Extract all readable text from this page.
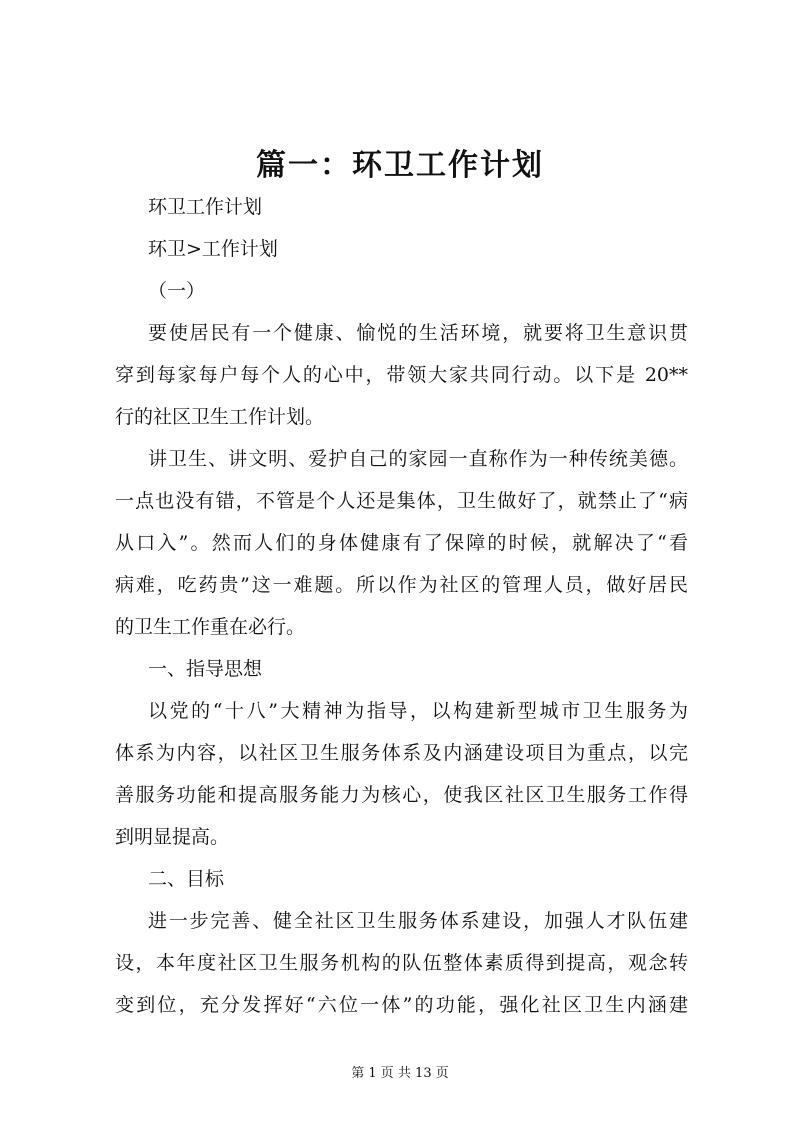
篇一：环卫工作计划
环卫工作计划
环卫>工作计划
（一）
要使居民有一个健康、愉悦的生活环境，就要将卫生意识贯
穿到每家每户每个人的心中，带领大家共同行动。以下是 20**
行的社区卫生工作计划。
讲卫生、讲文明、爱护自己的家园一直称作为一种传统美德。
一点也没有错，不管是个人还是集体，卫生做好了，就禁止了“病
从口入”。然而人们的身体健康有了保障的时候，就解决了“看
病难，吃药贵”这一难题。所以作为社区的管理人员，做好居民
的卫生工作重在必行。
一、指导思想
以党的“十八”大精神为指导，以构建新型城市卫生服务为
体系为内容，以社区卫生服务体系及内涵建设项目为重点，以完
善服务功能和提高服务能力为核心，使我区社区卫生服务工作得
到明显提高。
二、目标
进一步完善、健全社区卫生服务体系建设，加强人才队伍建
设，本年度社区卫生服务机构的队伍整体素质得到提高，观念转
变到位，充分发挥好“六位一体”的功能，强化社区卫生内涵建
第 1 页 共 13 页
